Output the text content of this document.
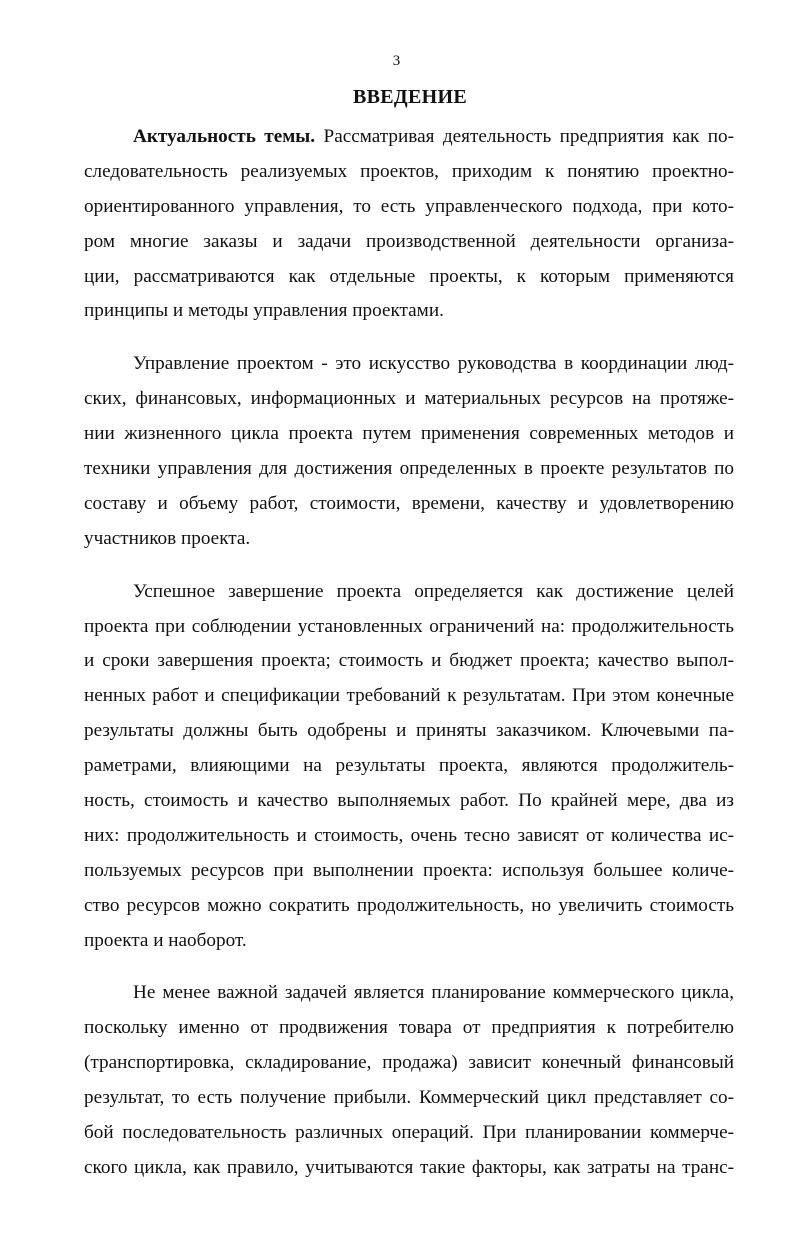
3
ВВЕДЕНИЕ
Актуальность темы. Рассматривая деятельность предприятия как по-
следовательность реализуемых проектов, приходим к понятию проектно-
ориентированного управления, то есть управленческого подхода, при кото-
ром многие заказы и задачи производственной деятельности организа-
ции, рассматриваются как отдельные проекты, к которым применяются
принципы и методы управления проектами.
Управление проектом - это искусство руководства в координации люд-
ских, финансовых, информационных и материальных ресурсов на протяже-
нии жизненного цикла проекта путем применения современных методов и
техники управления для достижения определенных в проекте результатов по
составу и объему работ, стоимости, времени, качеству и удовлетворению
участников проекта.
Успешное завершение проекта определяется как достижение целей
проекта при соблюдении установленных ограничений на: продолжительность
и сроки завершения проекта; стоимость и бюджет проекта; качество выпол-
ненных работ и спецификации требований к результатам. При этом конечные
результаты должны быть одобрены и приняты заказчиком. Ключевыми па-
раметрами, влияющими на результаты проекта, являются продолжитель-
ность, стоимость и качество выполняемых работ. По крайней мере, два из
них: продолжительность и стоимость, очень тесно зависят от количества ис-
пользуемых ресурсов при выполнении проекта: используя большее количе-
ство ресурсов можно сократить продолжительность, но увеличить стоимость
проекта и наоборот.
Не менее важной задачей является планирование коммерческого цикла,
поскольку именно от продвижения товара от предприятия к потребителю
(транспортировка, складирование, продажа) зависит конечный финансовый
результат, то есть получение прибыли. Коммерческий цикл представляет со-
бой последовательность различных операций. При планировании коммерче-
ского цикла, как правило, учитываются такие факторы, как затраты на транс-
